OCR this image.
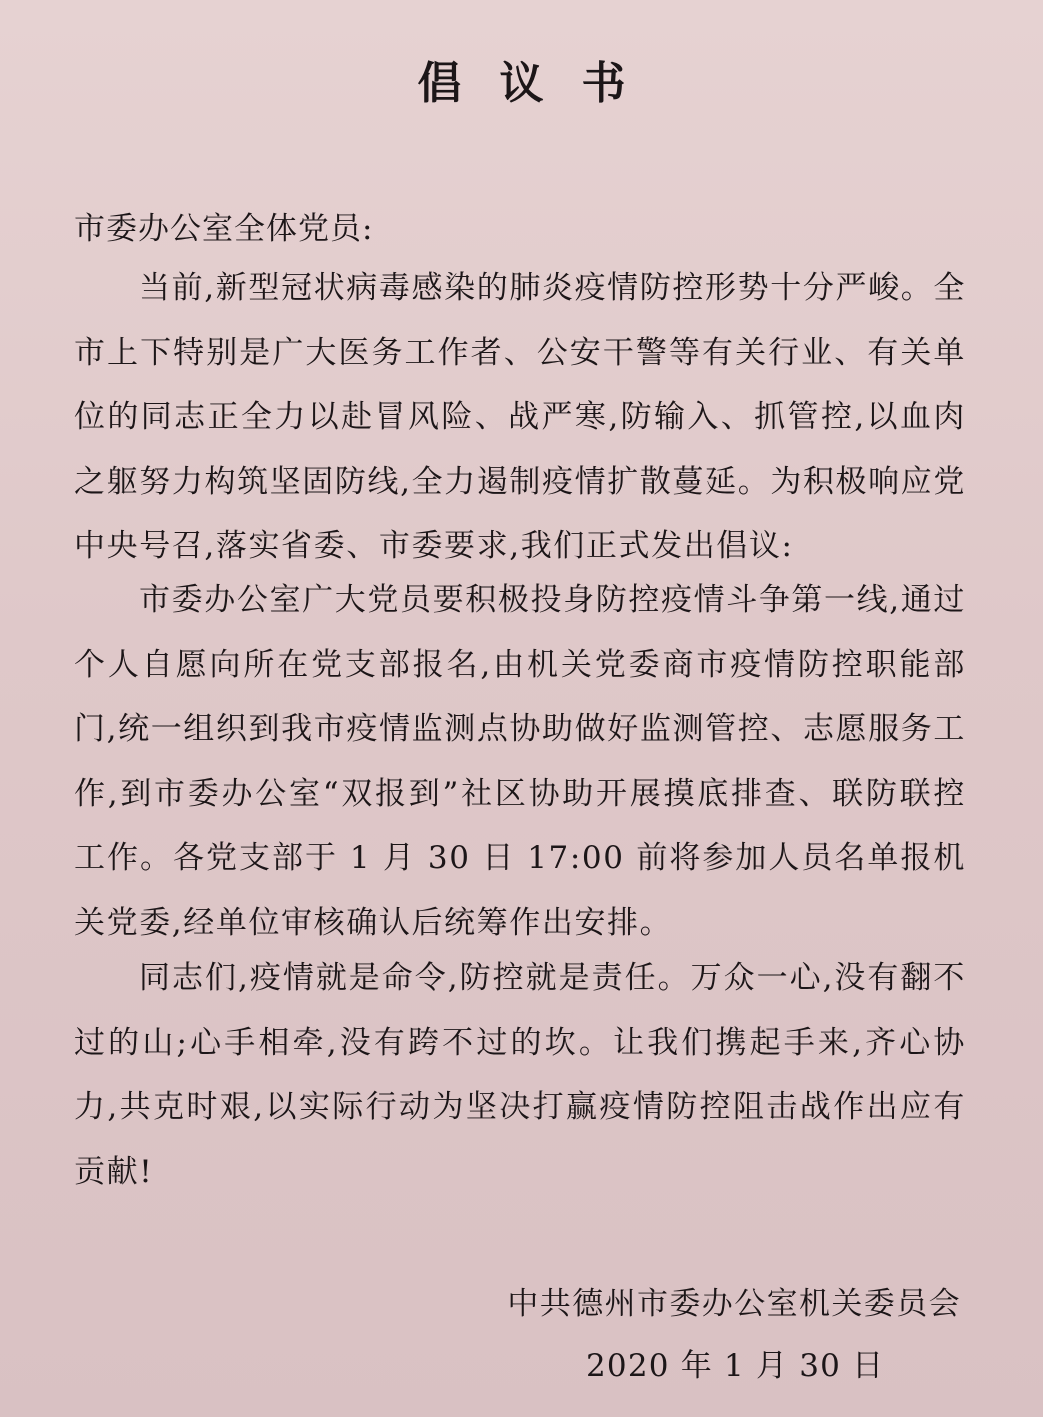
倡议书
市委办公室全体党员:

当前,新型冠状病毒感染的肺炎疫情防控形势十分严峻。全市上下特别是广大医务工作者、公安干警等有关行业、有关单位的同志正全力以赴冒风险、战严寒,防输入、抓管控,以血肉之躯努力构筑坚固防线,全力遏制疫情扩散蔓延。为积极响应党中央号召,落实省委、市委要求,我们正式发出倡议:

市委办公室广大党员要积极投身防控疫情斗争第一线,通过个人自愿向所在党支部报名,由机关党委商市疫情防控职能部门,统一组织到我市疫情监测点协助做好监测管控、志愿服务工作,到市委办公室“双报到”社区协助开展摸底排查、联防联控工作。各党支部于 1 月 30 日 17:00 前将参加人员名单报机关党委,经单位审核确认后统筹作出安排。

同志们,疫情就是命令,防控就是责任。万众一心,没有翻不过的山;心手相牵,没有跨不过的坎。让我们携起手来,齐心协力,共克时艰,以实际行动为坚决打赢疫情防控阻击战作出应有贡献!

中共德州市委办公室机关委员会
2020 年 1 月 30 日
